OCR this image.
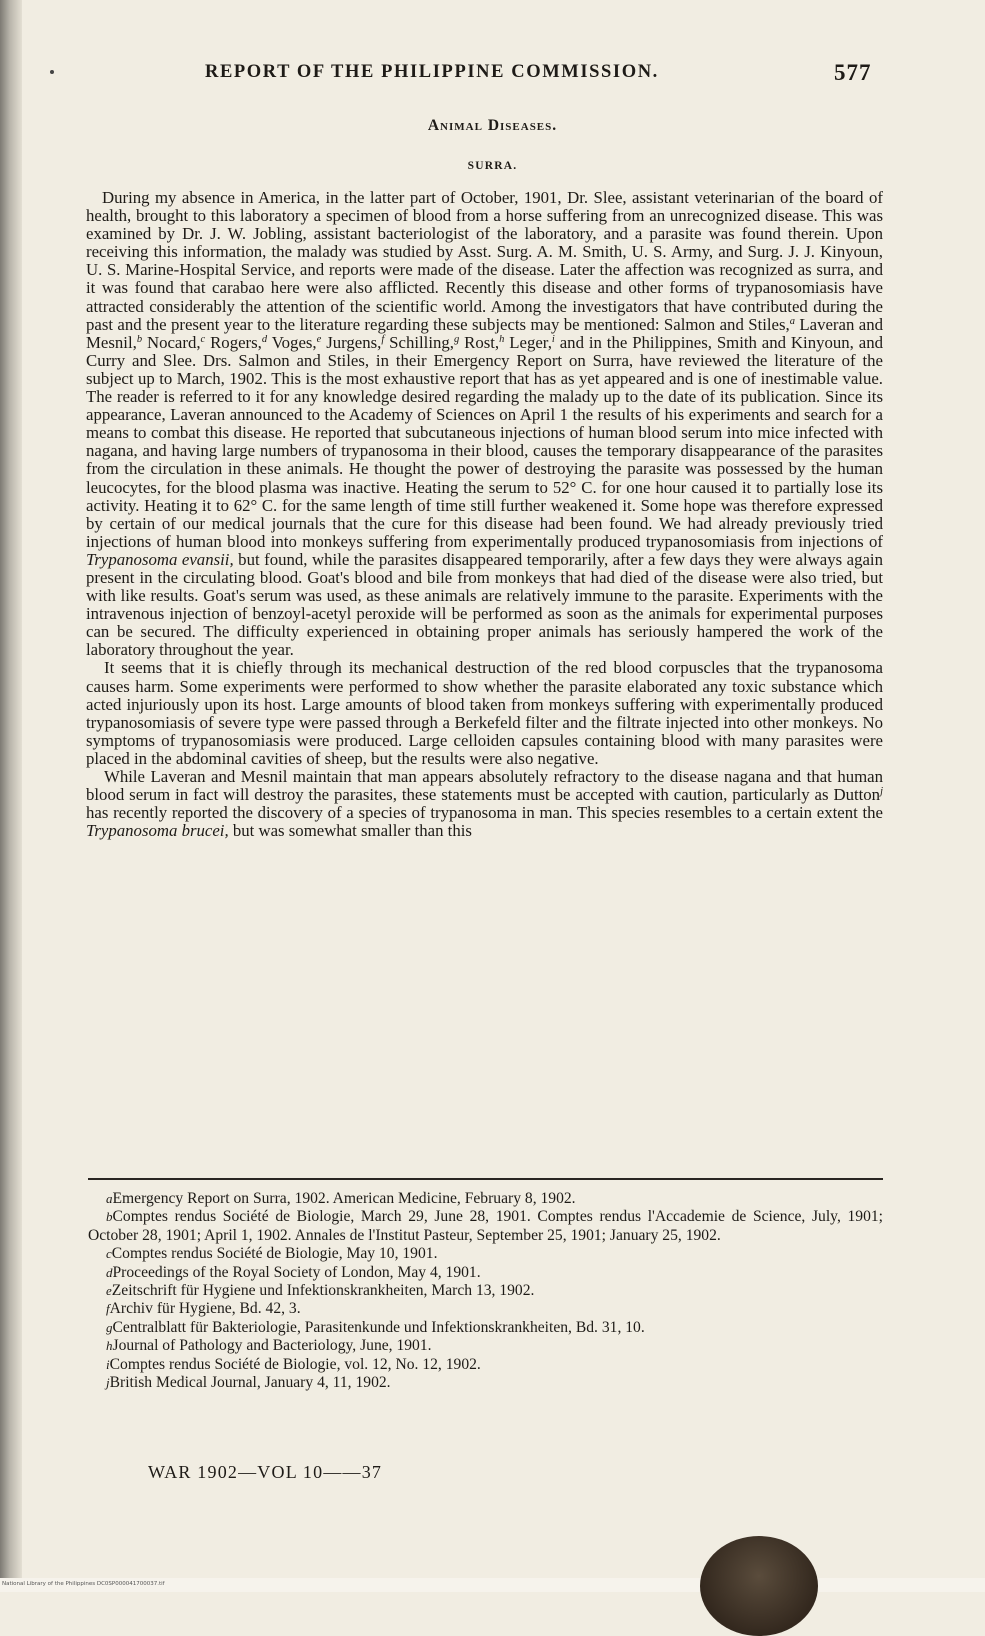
REPORT OF THE PHILIPPINE COMMISSION.	577
Animal Diseases.
SURRA.

During my absence in America, in the latter part of October, 1901, Dr. Slee, assistant veterinarian of the board of health, brought to this laboratory a specimen of blood from a horse suffering from an unrecognized disease. This was examined by Dr. J. W. Jobling, assistant bacteriologist of the laboratory, and a parasite was found therein. Upon receiving this information, the malady was studied by Asst. Surg. A. M. Smith, U. S. Army, and Surg. J. J. Kinyoun, U. S. Marine-Hospital Service, and reports were made of the disease. Later the affection was recognized as surra, and it was found that carabao here were also afflicted. Recently this disease and other forms of trypanosomiasis have attracted considerably the attention of the scientific world. Among the investigators that have contributed during the past and the present year to the literature regarding these subjects may be mentioned: Salmon and Stiles,$^a$ Laveran and Mesnil,$^b$ Nocard,$^c$ Rogers,$^d$ Voges,$^e$ Jurgens,$^f$ Schilling,$^g$ Rost,$^h$ Leger,$^i$ and in the Philippines, Smith and Kinyoun, and Curry and Slee. Drs. Salmon and Stiles, in their Emergency Report on Surra, have reviewed the literature of the subject up to March, 1902. This is the most exhaustive report that has as yet appeared and is one of inestimable value. The reader is referred to it for any knowledge desired regarding the malady up to the date of its publication. Since its appearance, Laveran announced to the Academy of Sciences on April 1 the results of his experiments and search for a means to combat this disease. He reported that subcutaneous injections of human blood serum into mice infected with nagana, and having large numbers of trypanosoma in their blood, causes the temporary disappearance of the parasites from the circulation in these animals. He thought the power of destroying the parasite was possessed by the human leucocytes, for the blood plasma was inactive. Heating the serum to 52° C. for one hour caused it to partially lose its activity. Heating it to 62° C. for the same length of time still further weakened it. Some hope was therefore expressed by certain of our medical journals that the cure for this disease had been found. We had already previously tried injections of human blood into monkeys suffering from experimentally produced trypanosomiasis from injections of Trypanosoma evansii, but found, while the parasites disappeared temporarily, after a few days they were always again present in the circulating blood. Goat's blood and bile from monkeys that had died of the disease were also tried, but with like results. Goat's serum was used, as these animals are relatively immune to the parasite. Experiments with the intravenous injection of benzoyl-acetyl peroxide will be performed as soon as the animals for experimental purposes can be secured. The difficulty experienced in obtaining proper animals has seriously hampered the work of the laboratory throughout the year.

It seems that it is chiefly through its mechanical destruction of the red blood corpuscles that the trypanosoma causes harm. Some experiments were performed to show whether the parasite elaborated any toxic substance which acted injuriously upon its host. Large amounts of blood taken from monkeys suffering with experimentally produced trypanosomiasis of severe type were passed through a Berkefeld filter and the filtrate injected into other monkeys. No symptoms of trypanosomiasis were produced. Large celloiden capsules containing blood with many parasites were placed in the abdominal cavities of sheep, but the results were also negative.

While Laveran and Mesnil maintain that man appears absolutely refractory to the disease nagana and that human blood serum in fact will destroy the parasites, these statements must be accepted with caution, particularly as Dutton$^j$ has recently reported the discovery of a species of trypanosoma in man. This species resembles to a certain extent the Trypanosoma brucei, but was somewhat smaller than this

aEmergency Report on Surra, 1902. American Medicine, February 8, 1902.

bComptes rendus Société de Biologie, March 29, June 28, 1901. Comptes rendus l'Accademie de Science, July, 1901; October 28, 1901; April 1, 1902. Annales de l'Institut Pasteur, September 25, 1901; January 25, 1902.

cComptes rendus Société de Biologie, May 10, 1901.

dProceedings of the Royal Society of London, May 4, 1901.

eZeitschrift für Hygiene und Infektionskrankheiten, March 13, 1902.

fArchiv für Hygiene, Bd. 42, 3.

gCentralblatt für Bakteriologie, Parasitenkunde und Infektionskrankheiten, Bd. 31, 10.

hJournal of Pathology and Bacteriology, June, 1901.

iComptes rendus Société de Biologie, vol. 12, No. 12, 1902.

jBritish Medical Journal, January 4, 11, 1902.

WAR 1902—VOL 10——37
National Library of the Philippines DC0SP000041700037.tif
